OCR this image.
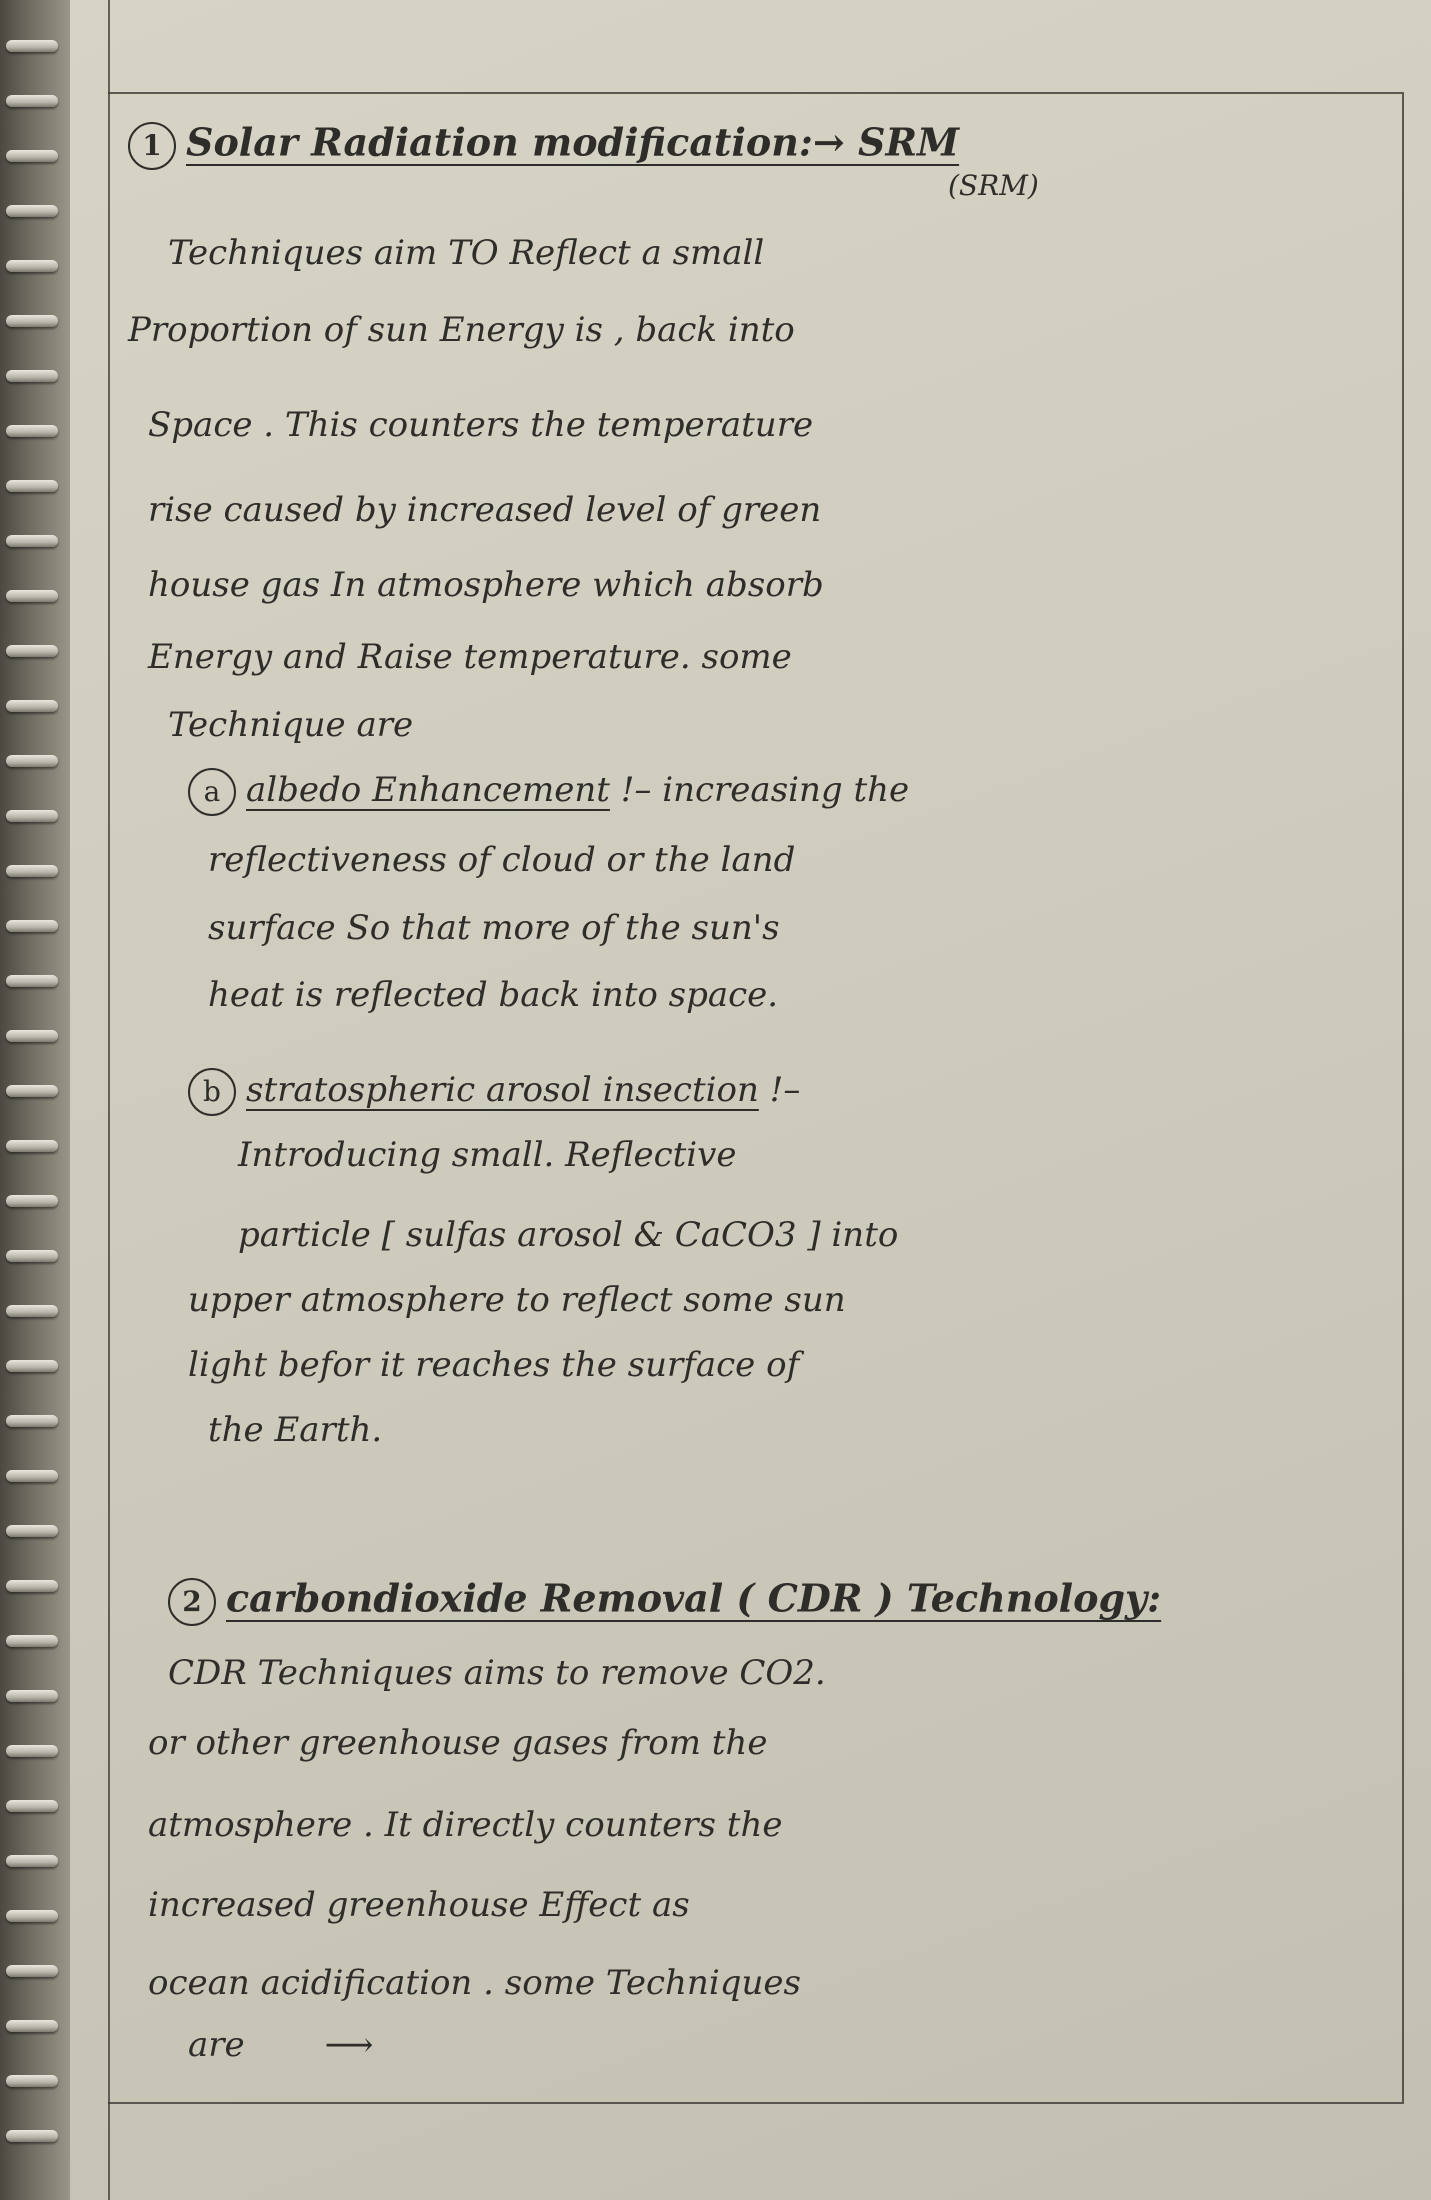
1 Solar Radiation modification:→ SRM
(SRM)
Techniques aim TO Reflect a small
Proportion of sun Energy is , back into
Space . This counters the temperature
rise caused by increased level of green
house gas In atmosphere which absorb
Energy and Raise temperature. some
Technique are
a albedo Enhancement !– increasing the
reflectiveness of cloud or the land
surface So that more of the sun's
heat is reflected back into space.
b stratospheric arosol insection !–
Introducing small. Reflective
particle [ sulfas arosol & CaCO3 ] into
upper atmosphere to reflect some sun
light befor it reaches the surface of
the Earth.
2 carbondioxide Removal ( CDR ) Technology:
CDR Techniques aims to remove CO2.
or other greenhouse gases from the
atmosphere . It directly counters the
increased greenhouse Effect as
ocean acidification . some Techniques
are ⟶
